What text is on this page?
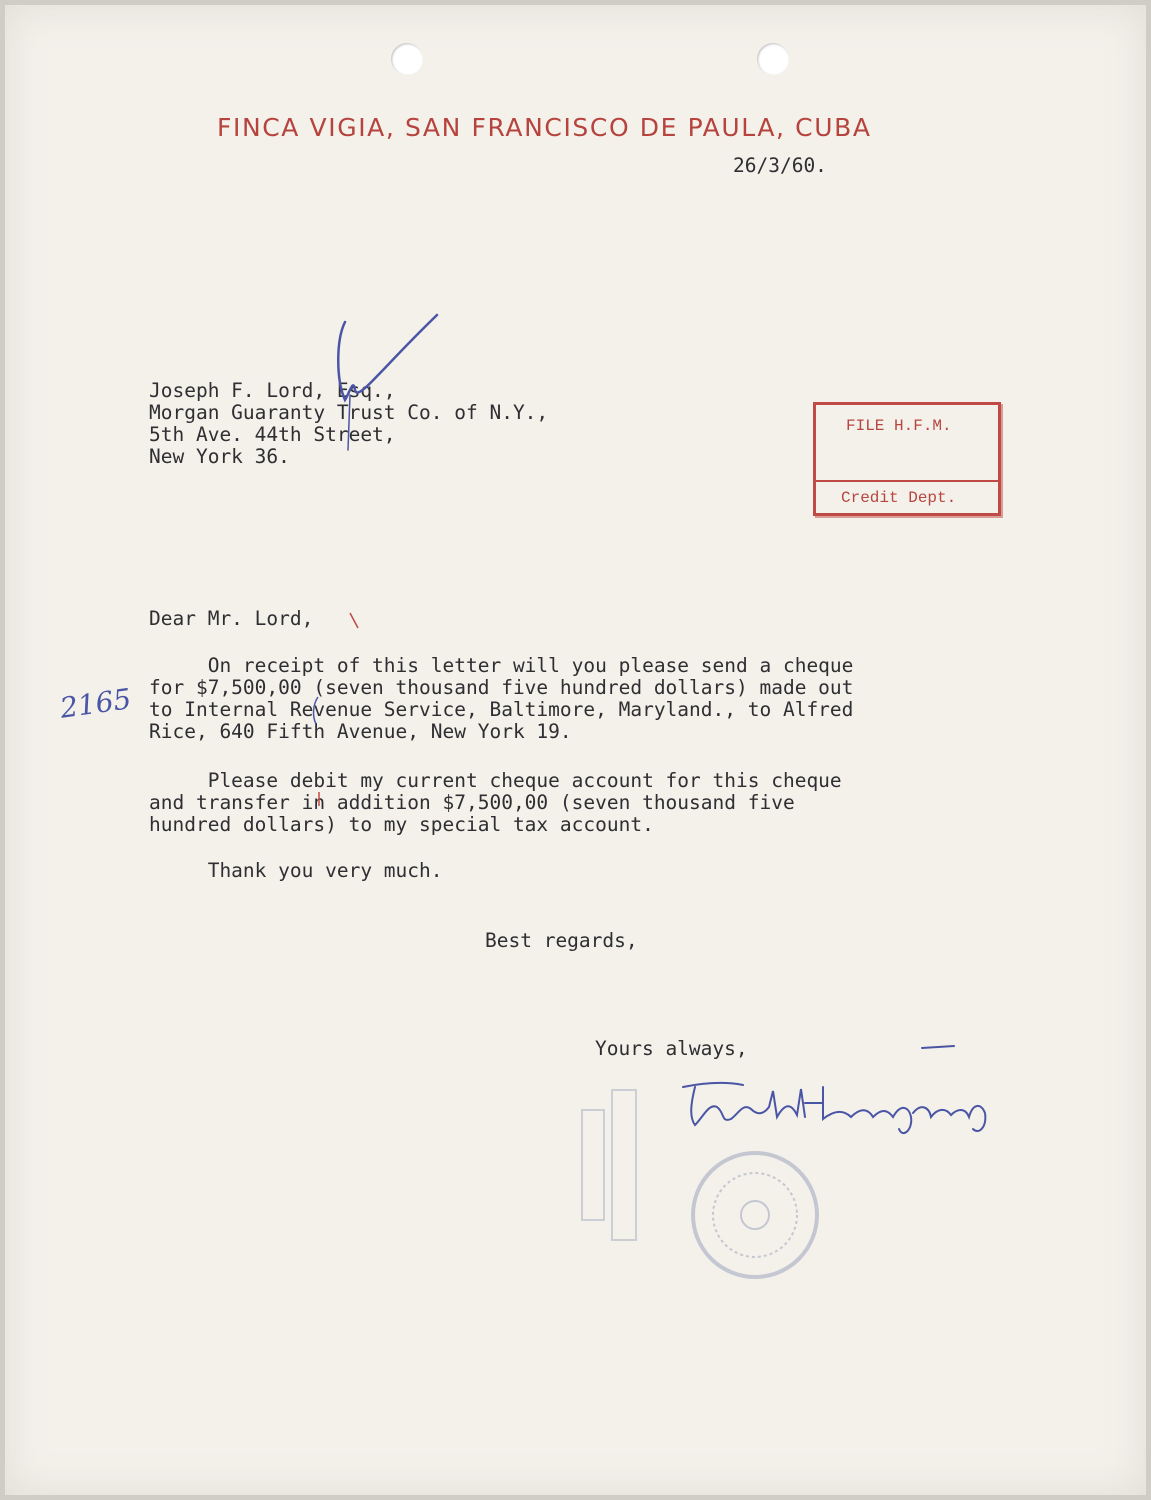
FINCA VIGIA, SAN FRANCISCO DE PAULA, CUBA
26/3/60.
Joseph F. Lord, Esq.,
Morgan Guaranty Trust Co. of N.Y.,
5th Ave. 44th Street,
New York 36.
FILE H.F.M.
Credit Dept.
Dear Mr. Lord,
On receipt of this letter will you please send a cheque
for $7,500,00 (seven thousand five hundred dollars) made out
to Internal Revenue Service, Baltimore, Maryland., to Alfred
Rice, 640 Fifth Avenue, New York 19.
Please debit my current cheque account for this cheque
and transfer in addition $7,500,00 (seven thousand five
hundred dollars) to my special tax account.
Thank you very much.
Best regards,
Yours always,
2165
